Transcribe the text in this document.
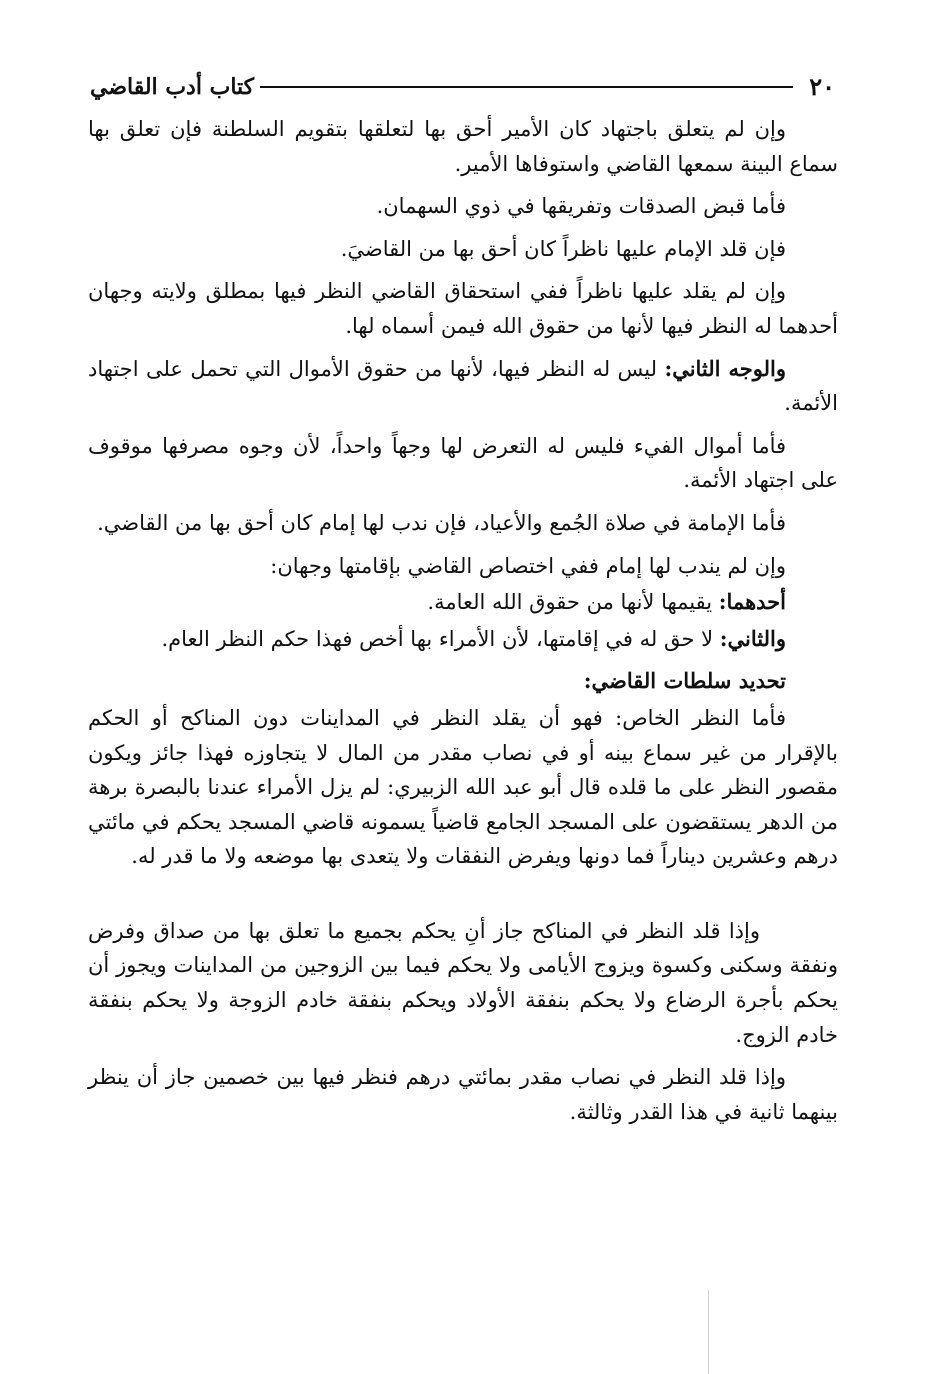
٢٠
كتاب أدب القاضي

وإن لم يتعلق باجتهاد كان الأمير أحق بها لتعلقها بتقويم السلطنة فإن تعلق بها سماع البينة سمعها القاضي واستوفاها الأمير.

فأما قبض الصدقات وتفريقها في ذوي السهمان.

فإن قلد الإمام عليها ناظراً كان أحق بها من القاضيَ.

وإن لم يقلد عليها ناظراً ففي استحقاق القاضي النظر فيها بمطلق ولايته وجهان أحدهما له النظر فيها لأنها من حقوق الله فيمن أسماه لها.

والوجه الثاني: ليس له النظر فيها، لأنها من حقوق الأموال التي تحمل على اجتهاد الأئمة.

فأما أموال الفيء فليس له التعرض لها وجهاً واحداً، لأن وجوه مصرفها موقوف على اجتهاد الأئمة.

فأما الإمامة في صلاة الجُمع والأعياد، فإن ندب لها إمام كان أحق بها من القاضي.

وإن لم يندب لها إمام ففي اختصاص القاضي بإقامتها وجهان:

أحدهما: يقيمها لأنها من حقوق الله العامة.

والثاني: لا حق له في إقامتها، لأن الأمراء بها أخص فهذا حكم النظر العام.

تحديد سلطات القاضي:

فأما النظر الخاص: فهو أن يقلد النظر في المداينات دون المناكح أو الحكم بالإقرار من غير سماع بينه أو في نصاب مقدر من المال لا يتجاوزه فهذا جائز ويكون مقصور النظر على ما قلده قال أبو عبد الله الزبيري: لم يزل الأمراء عندنا بالبصرة برهة من الدهر يستقضون على المسجد الجامع قاضياً يسمونه قاضي المسجد يحكم في مائتي درهم وعشرين ديناراً فما دونها ويفرض النفقات ولا يتعدى بها موضعه ولا ما قدر له.

وإذا قلد النظر في المناكح جاز أنِ يحكم بجميع ما تعلق بها من صداق وفرض ونفقة وسكنى وكسوة ويزوج الأيامى ولا يحكم فيما بين الزوجين من المداينات ويجوز أن يحكم بأجرة الرضاع ولا يحكم بنفقة الأولاد ويحكم بنفقة خادم الزوجة ولا يحكم بنفقة خادم الزوج.

وإذا قلد النظر في نصاب مقدر بمائتي درهم فنظر فيها بين خصمين جاز أن ينظر بينهما ثانية في هذا القدر وثالثة.
